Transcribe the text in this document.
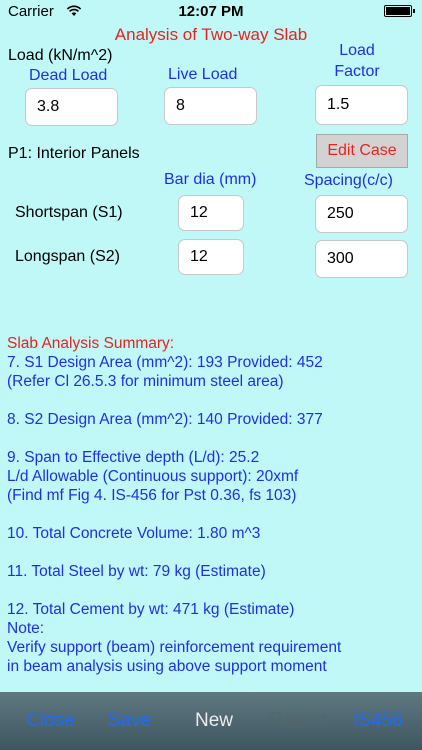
Carrier	12:07 PM
Analysis of Two-way Slab
Load (kN/m^2)
Dead Load	Live Load
Load
Factor
3.8	8	1.5
P1: Interior Panels	Edit Case
Bar dia (mm)	Spacing(c/c)
Shortspan (S1)	12	250
Longspan (S2)	12	300
Slab Analysis Summary:
7. S1 Design Area (mm^2): 193 Provided: 452
(Refer Cl 26.5.3 for minimum steel area)
8. S2 Design Area (mm^2): 140 Provided: 377
9. Span to Effective depth (L/d): 25.2
L/d Allowable (Continuous support): 20xmf
(Find mf Fig 4. IS-456 for Pst 0.36, fs 103)
10. Total Concrete Volume: 1.80 m^3
11. Total Steel by wt: 79 kg (Estimate)
12. Total Cement by wt: 471 kg (Estimate)
Note:
Verify support (beam) reinforcement requirement
in beam analysis using above support moment
Close Save New Report IS456
